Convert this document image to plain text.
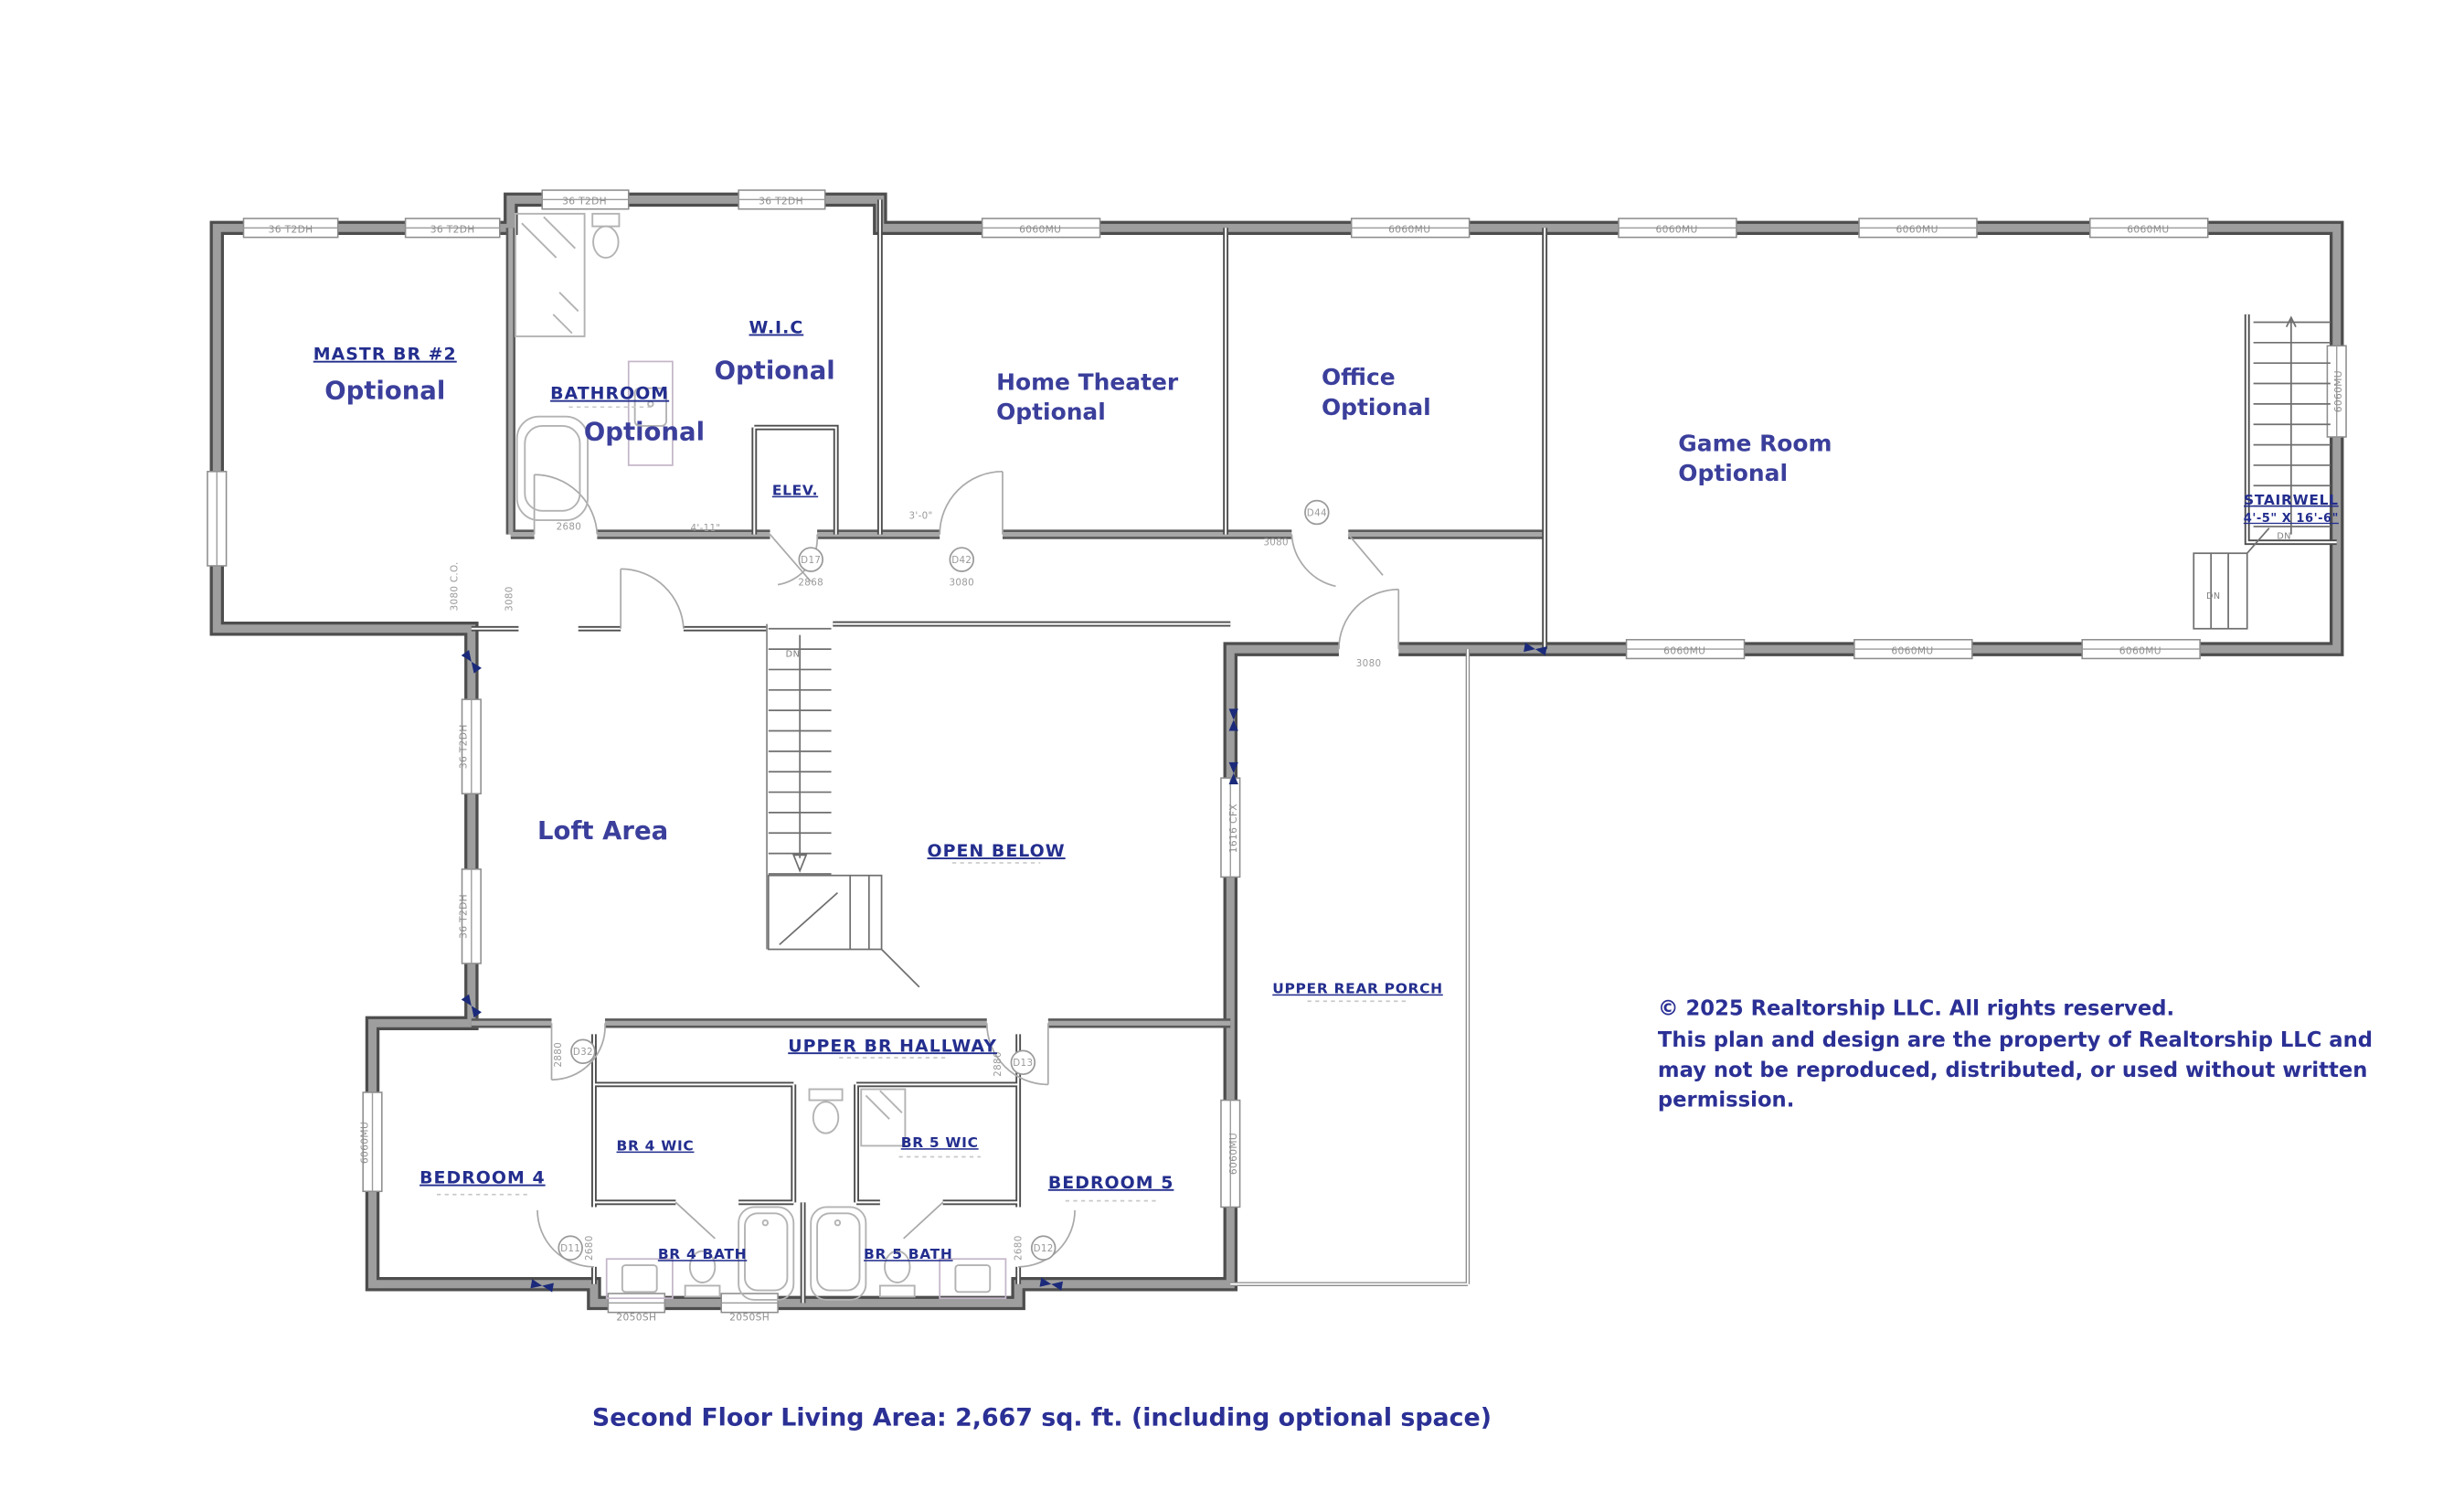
36 T2DH	36 T2DH
36 T2DH	36 T2DH
6060MU	6060MU	6060MU	6060MU	6060MU
6060MU
6060MU	6060MU	6060MU
36 T2DH
36 T2DH
6060MU
1616 CFX
6060MU
2050SH	2050SH
D17
2868
D42
3080
D44
3080
3080
D32
2880	D13
2880
D11 2680	D12
2680
2680
3080 C.O.	3080
4'-11"
3'-0"
DN
DN
DN
MASTR BR #2
Optional	BATHROOM
Optional
W.I.C
Optional
ELEV.
Home Theater
Optional
Office
Optional
Game Room
Optional
STAIRWELL
4'-5" X 16'-6"
Loft Area
OPEN BELOW
UPPER REAR PORCH
UPPER BR HALLWAY
BEDROOM 4
BR 4 WIC	BR 5 WIC
BEDROOM 5
BR 4 BATH	BR 5 BATH
© 2025 Realtorship LLC. All rights reserved.
This plan and design are the property of Realtorship LLC and
may not be reproduced, distributed, or used without written
permission.
Second Floor Living Area: 2,667 sq. ft. (including optional space)
